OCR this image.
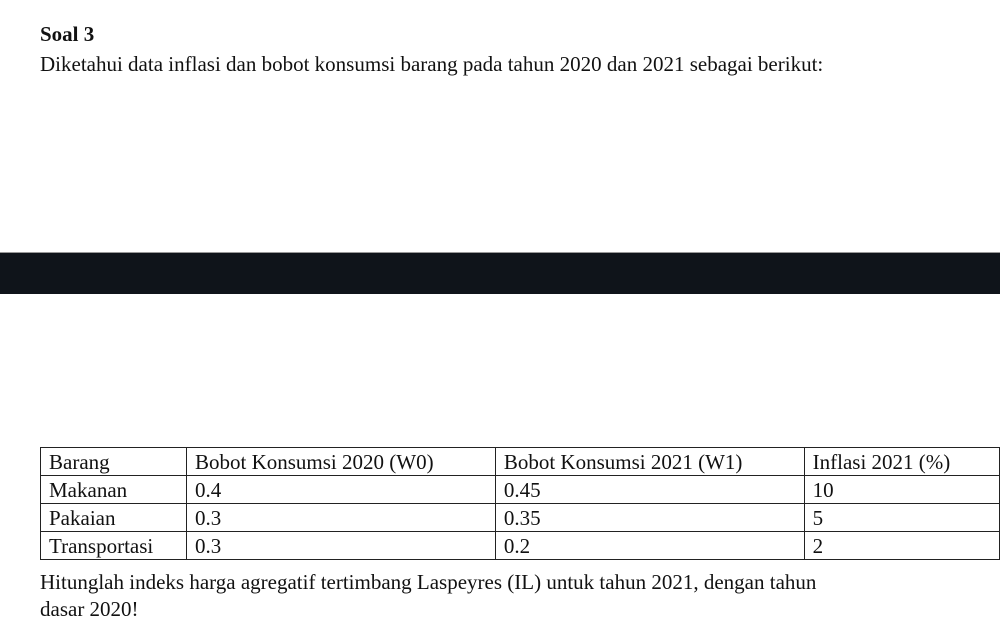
Soal 3
Diketahui data inflasi dan bobot konsumsi barang pada tahun 2020 dan 2021 sebagai berikut:
Barang	Bobot Konsumsi 2020 (W0)	Bobot Konsumsi 2021 (W1)	Inflasi 2021 (%)
Makanan	0.4	0.45	10
Pakaian	0.3	0.35	5
Transportasi	0.3	0.2	2
Hitunglah indeks harga agregatif tertimbang Laspeyres (IL) untuk tahun 2021, dengan tahun
dasar 2020!
